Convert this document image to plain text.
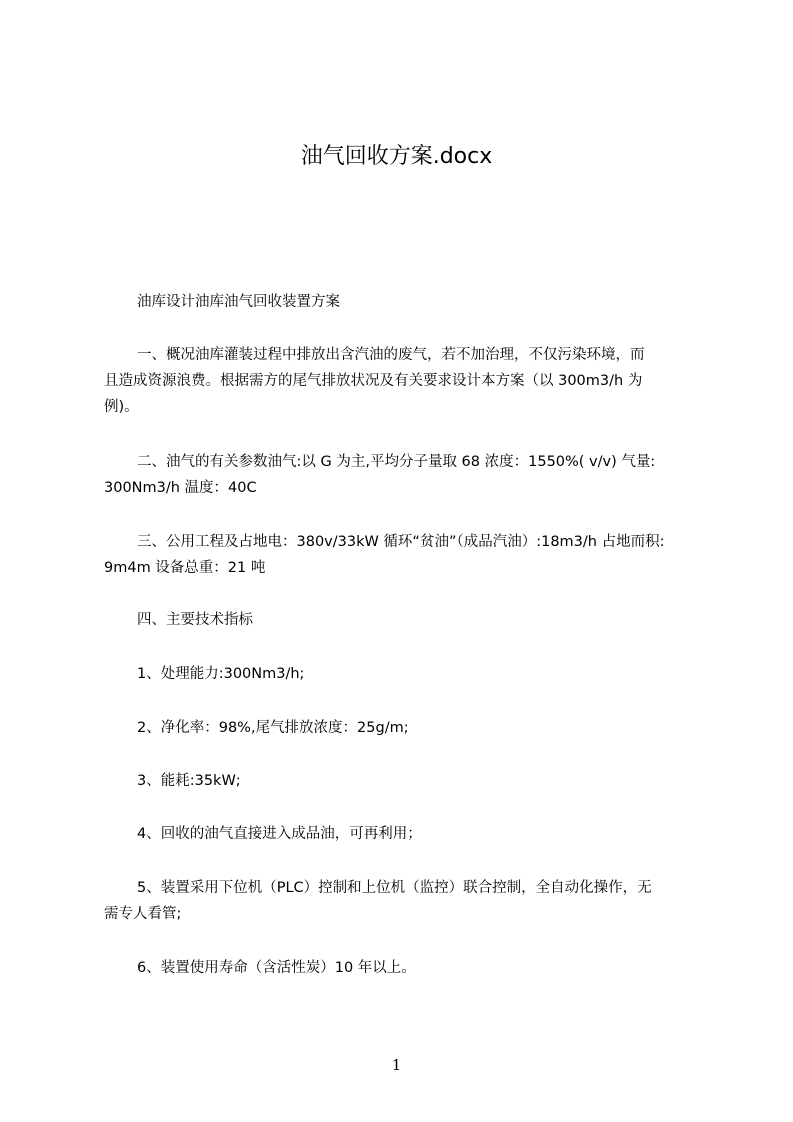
油气回收方案.docx
油库设计油库油气回收装置方案
一、概况油库灌装过程中排放出含汽油的废气，若不加治理，不仅污染环境，而
且造成资源浪费。根据需方的尾气排放状况及有关要求设计本方案（以 300m3/h 为
例)。
二、油气的有关参数油气:以 G 为主,平均分子量取 68 浓度：1550%( v/v) 气量:
300Nm3/h 温度：40C
三、公用工程及占地电：380v/33kW 循环“贫油”（成品汽油）:18m3/h 占地而积:
9m4m 设备总重：21 吨
四、主要技术指标
1、处理能力:300Nm3/h;
2、净化率：98%,尾气排放浓度：25g/m;
3、能耗:35kW;
4、回收的油气直接进入成品油，可再利用；
5、装置采用下位机（PLC）控制和上位机（监控）联合控制，全自动化操作，无
需专人看管;
6、装置使用寿命（含活性炭）10 年以上。
1
